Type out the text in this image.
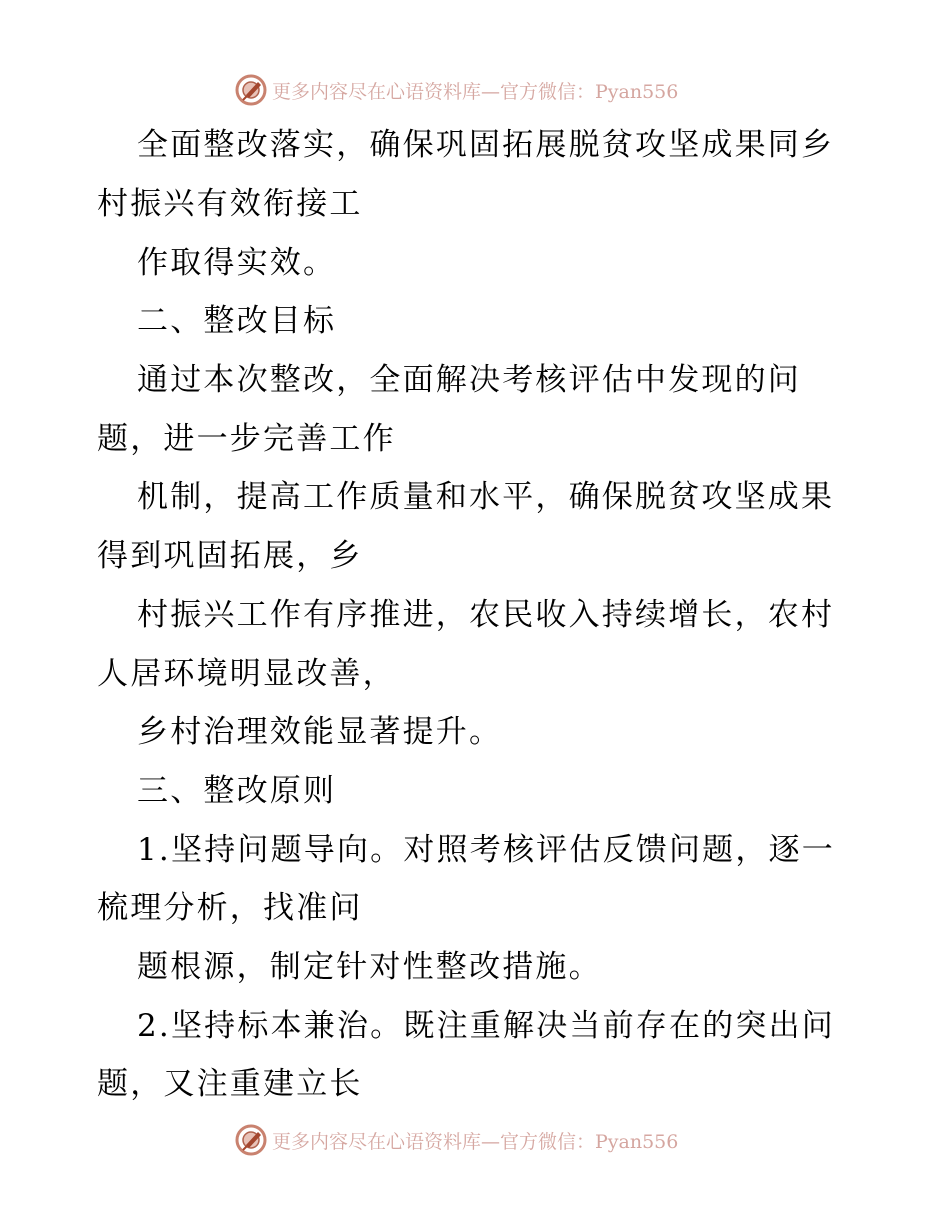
更多内容尽在心语资料库—官方微信：Pyan556
全面整改落实，确保巩固拓展脱贫攻坚成果同乡
村振兴有效衔接工
作取得实效。
二、整改目标
通过本次整改，全面解决考核评估中发现的问
题，进一步完善工作
机制，提高工作质量和水平，确保脱贫攻坚成果
得到巩固拓展，乡
村振兴工作有序推进，农民收入持续增长，农村
人居环境明显改善，
乡村治理效能显著提升。
三、整改原则
1.坚持问题导向。对照考核评估反馈问题，逐一
梳理分析，找准问
题根源，制定针对性整改措施。
2.坚持标本兼治。既注重解决当前存在的突出问
题，又注重建立长
更多内容尽在心语资料库—官方微信：Pyan556
